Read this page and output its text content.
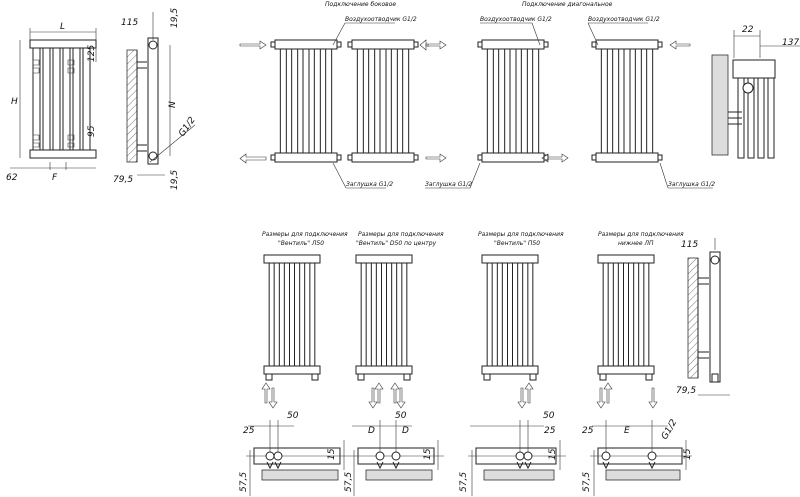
L
H
125
95
62	F
115	19,5
N
G1/2
79,5	19,5
Подключение боковое	Подключение диагональное
Воздухоотводчик G1/2	Воздухоотводчик G1/2	Воздухоотводчик G1/2
Заглушка G1/2	Заглушка G1/2	Заглушка G1/2
22
137
Размеры для подключения
"Вентиль" Л50
Размеры для подключения
"Вентиль" D50 по центру
Размеры для подключения
"Вентиль" П50
Размеры для подключения
нижнее ЛП
50
25
15
57,5
D	D
50
15
57,5
50
25
15
57,5
25	E	G1/2
15
57,5
115
79,5
